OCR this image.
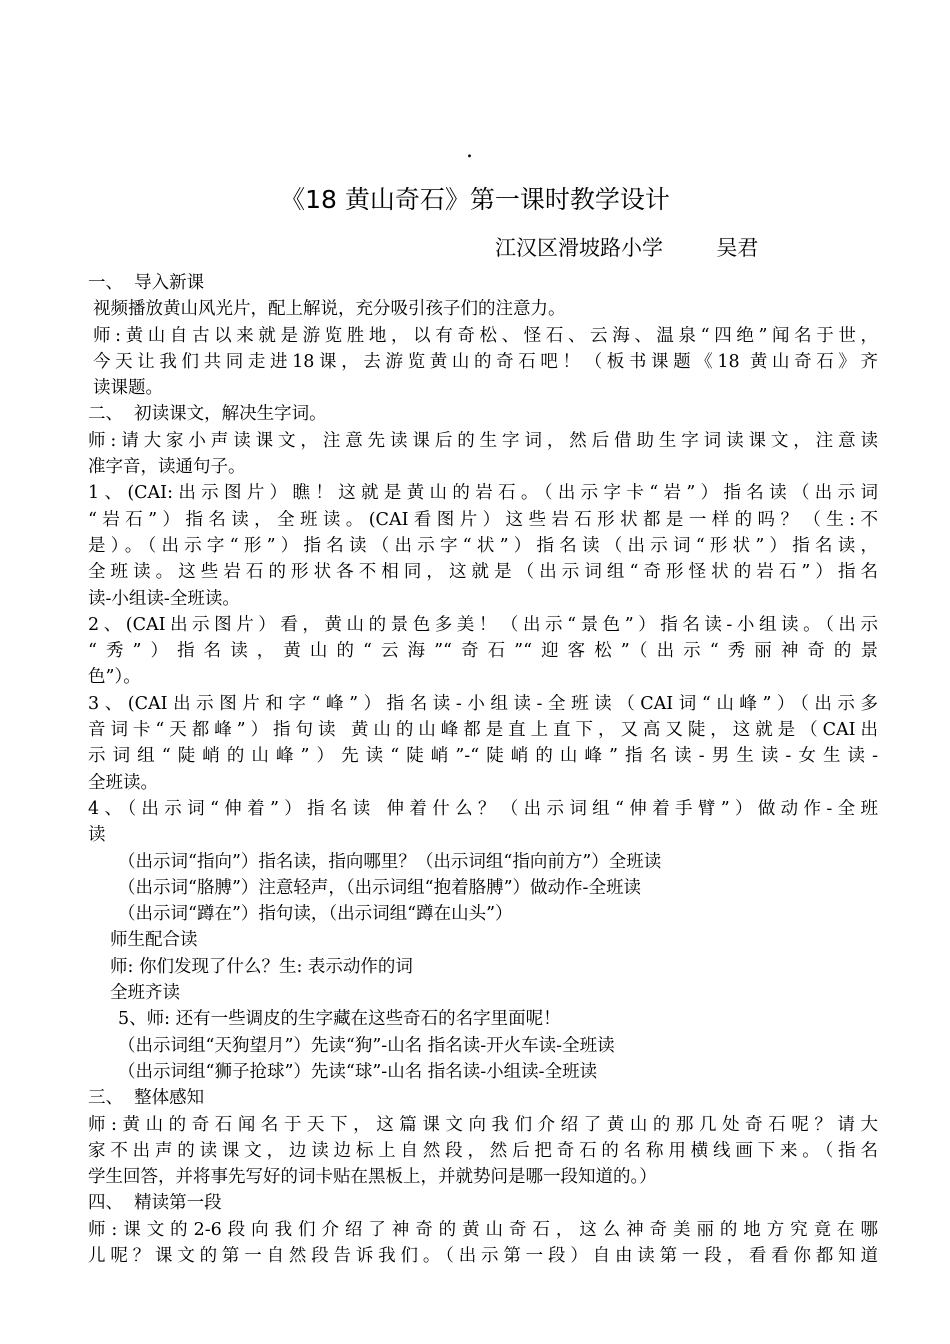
.
《18 黄山奇石》第一课时教学设计
江汉区滑坡路小学        吴君
一、  导入新课
视频播放黄山风光片，配上解说，充分吸引孩子们的注意力。
师:黄山自古以来就是游览胜地，以有奇松、怪石、云海、温泉“四绝”闻名于世，
今天让我们共同走进18课，去游览黄山的奇石吧！（板书课题《18 黄山奇石》齐
读课题。
二、  初读课文，解决生字词。
师:请大家小声读课文，注意先读课后的生字词，然后借助生字词读课文，注意读
准字音，读通句子。
1、(CAI:出示图片）瞧！这就是黄山的岩石。（出示字卡“岩”）指名读（出示词
“岩石”）指名读，全班读。(CAI看图片）这些岩石形状都是一样的吗？（生:不
是）。（出示字“形”）指名读（出示字“状”）指名读（出示词“形状”）指名读，
全班读。这些岩石的形状各不相同，这就是（出示词组“奇形怪状的岩石”）指名
读-小组读-全班读。
2、(CAI出示图片）看，黄山的景色多美！（出示“景色”）指名读-小组读。（出示
“秀”）指名读，黄山的“云海”“奇石”“迎客松”（出示“秀丽神奇的景
色”）。
3、(CAI出示图片和字“峰”）指名读-小组读-全班读（CAI词“山峰”）（出示多
音词卡“天都峰”）指句读 黄山的山峰都是直上直下，又高又陡，这就是（CAI出
示词组“陡峭的山峰”）先读“陡峭”-“陡峭的山峰”指名读-男生读-女生读-
全班读。
4、（出示词“伸着”）指名读 伸着什么？（出示词组“伸着手臂”）做动作-全班
读
（出示词“指向”）指名读，指向哪里？（出示词组“指向前方”）全班读
（出示词“胳膊”）注意轻声，（出示词组“抱着胳膊”）做动作-全班读
（出示词“蹲在”）指句读，（出示词组“蹲在山头”）
师生配合读
师: 你们发现了什么？生: 表示动作的词
全班齐读
5、师: 还有一些调皮的生字藏在这些奇石的名字里面呢！
（出示词组“天狗望月”）先读“狗”-山名 指名读-开火车读-全班读
（出示词组“狮子抢球”）先读“球”-山名 指名读-小组读-全班读
三、  整体感知
师:黄山的奇石闻名于天下，这篇课文向我们介绍了黄山的那几处奇石呢？请大
家不出声的读课文，边读边标上自然段，然后把奇石的名称用横线画下来。（指名
学生回答，并将事先写好的词卡贴在黑板上，并就势问是哪一段知道的。）
四、  精读第一段
师:课文的2-6段向我们介绍了神奇的黄山奇石，这么神奇美丽的地方究竟在哪
儿呢？课文的第一自然段告诉我们。（出示第一段）自由读第一段，看看你都知道
